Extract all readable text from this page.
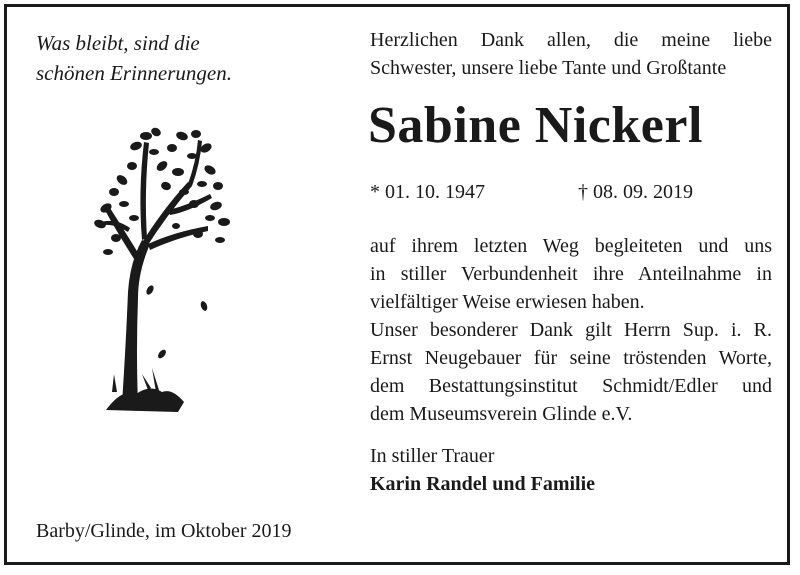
Was bleibt, sind die
schönen Erinnerungen.
Barby/Glinde, im Oktober 2019
Herzlichen Dank allen, die meine liebe
Schwester, unsere liebe Tante und Großtante
Sabine Nickerl
* 01. 10. 1947	† 08. 09. 2019
auf ihrem letzten Weg begleiteten und uns
in stiller Verbundenheit ihre Anteilnahme in
vielfältiger Weise erwiesen haben.
Unser besonderer Dank gilt Herrn Sup. i. R.
Ernst Neugebauer für seine tröstenden Worte,
dem Bestattungsinstitut Schmidt/Edler und
dem Museumsverein Glinde e.V.
In stiller Trauer
Karin Randel und Familie
